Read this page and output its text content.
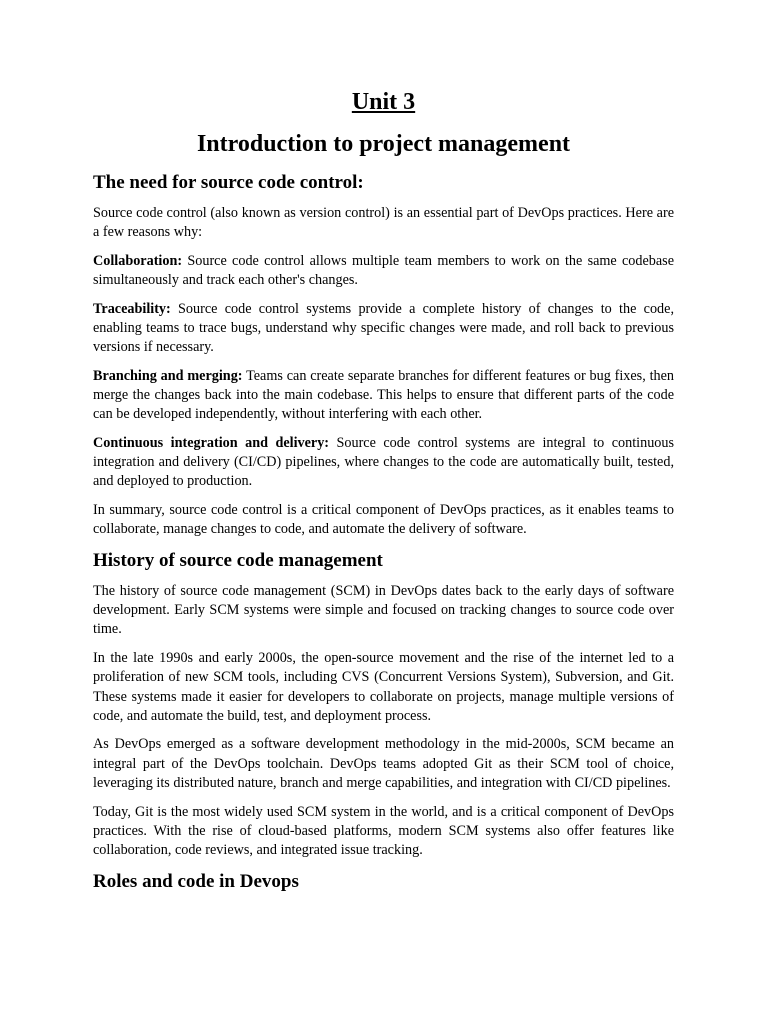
Unit 3
Introduction to project management
The need for source code control:

Source code control (also known as version control) is an essential part of DevOps practices. Here are a few reasons why:

Collaboration: Source code control allows multiple team members to work on the same codebase simultaneously and track each other's changes.

Traceability: Source code control systems provide a complete history of changes to the code, enabling teams to trace bugs, understand why specific changes were made, and roll back to previous versions if necessary.

Branching and merging: Teams can create separate branches for different features or bug fixes, then merge the changes back into the main codebase. This helps to ensure that different parts of the code can be developed independently, without interfering with each other.

Continuous integration and delivery: Source code control systems are integral to continuous integration and delivery (CI/CD) pipelines, where changes to the code are automatically built, tested, and deployed to production.

In summary, source code control is a critical component of DevOps practices, as it enables teams to collaborate, manage changes to code, and automate the delivery of software.

History of source code management

The history of source code management (SCM) in DevOps dates back to the early days of software development. Early SCM systems were simple and focused on tracking changes to source code over time.

In the late 1990s and early 2000s, the open-source movement and the rise of the internet led to a proliferation of new SCM tools, including CVS (Concurrent Versions System), Subversion, and Git. These systems made it easier for developers to collaborate on projects, manage multiple versions of code, and automate the build, test, and deployment process.

As DevOps emerged as a software development methodology in the mid-2000s, SCM became an integral part of the DevOps toolchain. DevOps teams adopted Git as their SCM tool of choice, leveraging its distributed nature, branch and merge capabilities, and integration with CI/CD pipelines.

Today, Git is the most widely used SCM system in the world, and is a critical component of DevOps practices. With the rise of cloud-based platforms, modern SCM systems also offer features like collaboration, code reviews, and integrated issue tracking.

Roles and code in Devops
